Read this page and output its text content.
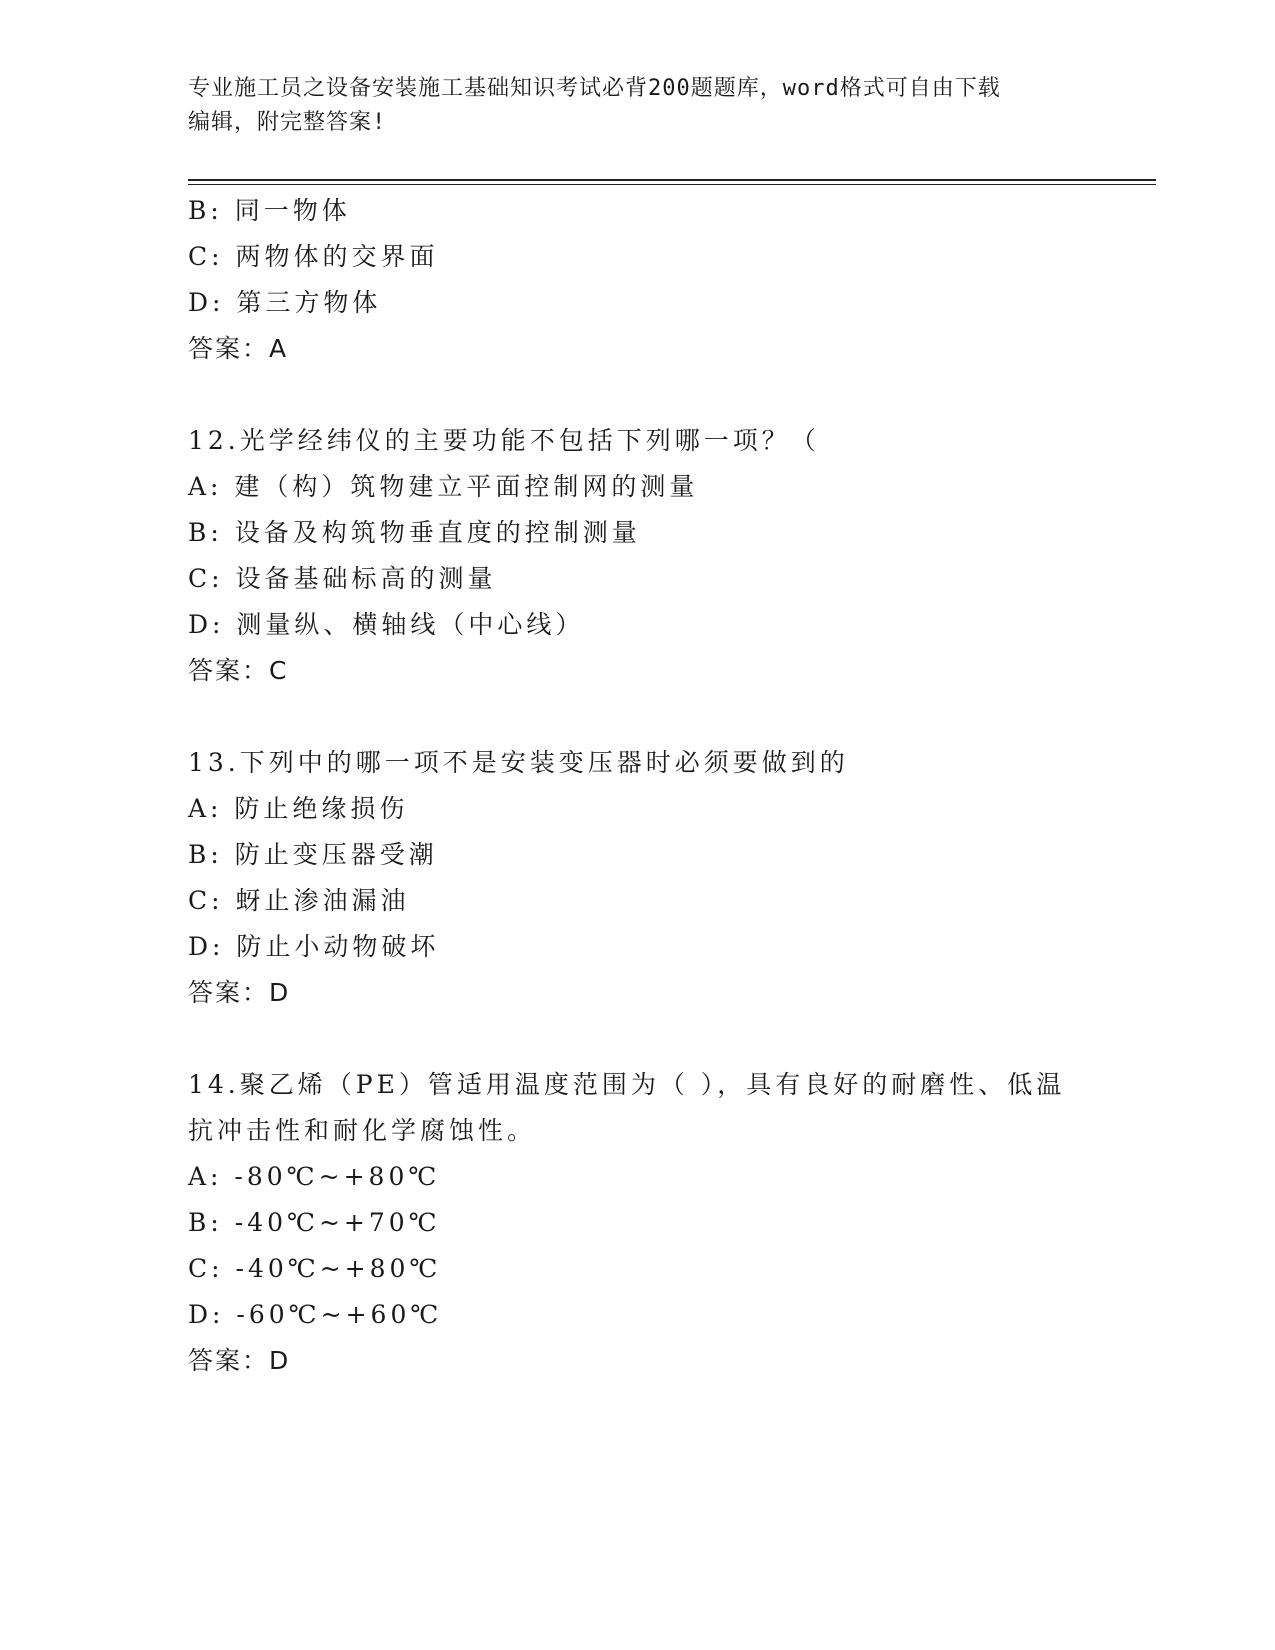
专业施工员之设备安装施工基础知识考试必背200题题库，word格式可自由下载
编辑，附完整答案!
B: 同一物体
C: 两物体的交界面
D: 第三方物体
答案：A
12.光学经纬仪的主要功能不包括下列哪一项？（
A: 建（构）筑物建立平面控制网的测量
B: 设备及构筑物垂直度的控制测量
C: 设备基础标高的测量
D: 测量纵、横轴线（中心线）
答案：C
13.下列中的哪一项不是安装变压器时必须要做到的
A: 防止绝缘损伤
B: 防止变压器受潮
C: 蚜止渗油漏油
D: 防止小动物破坏
答案：D
14.聚乙烯（PE）管适用温度范围为（ ），具有良好的耐磨性、低温
抗冲击性和耐化学腐蚀性。
A: -80℃~+80℃
B: -40℃~+70℃
C: -40℃~+80℃
D: -60℃~+60℃
答案：D
